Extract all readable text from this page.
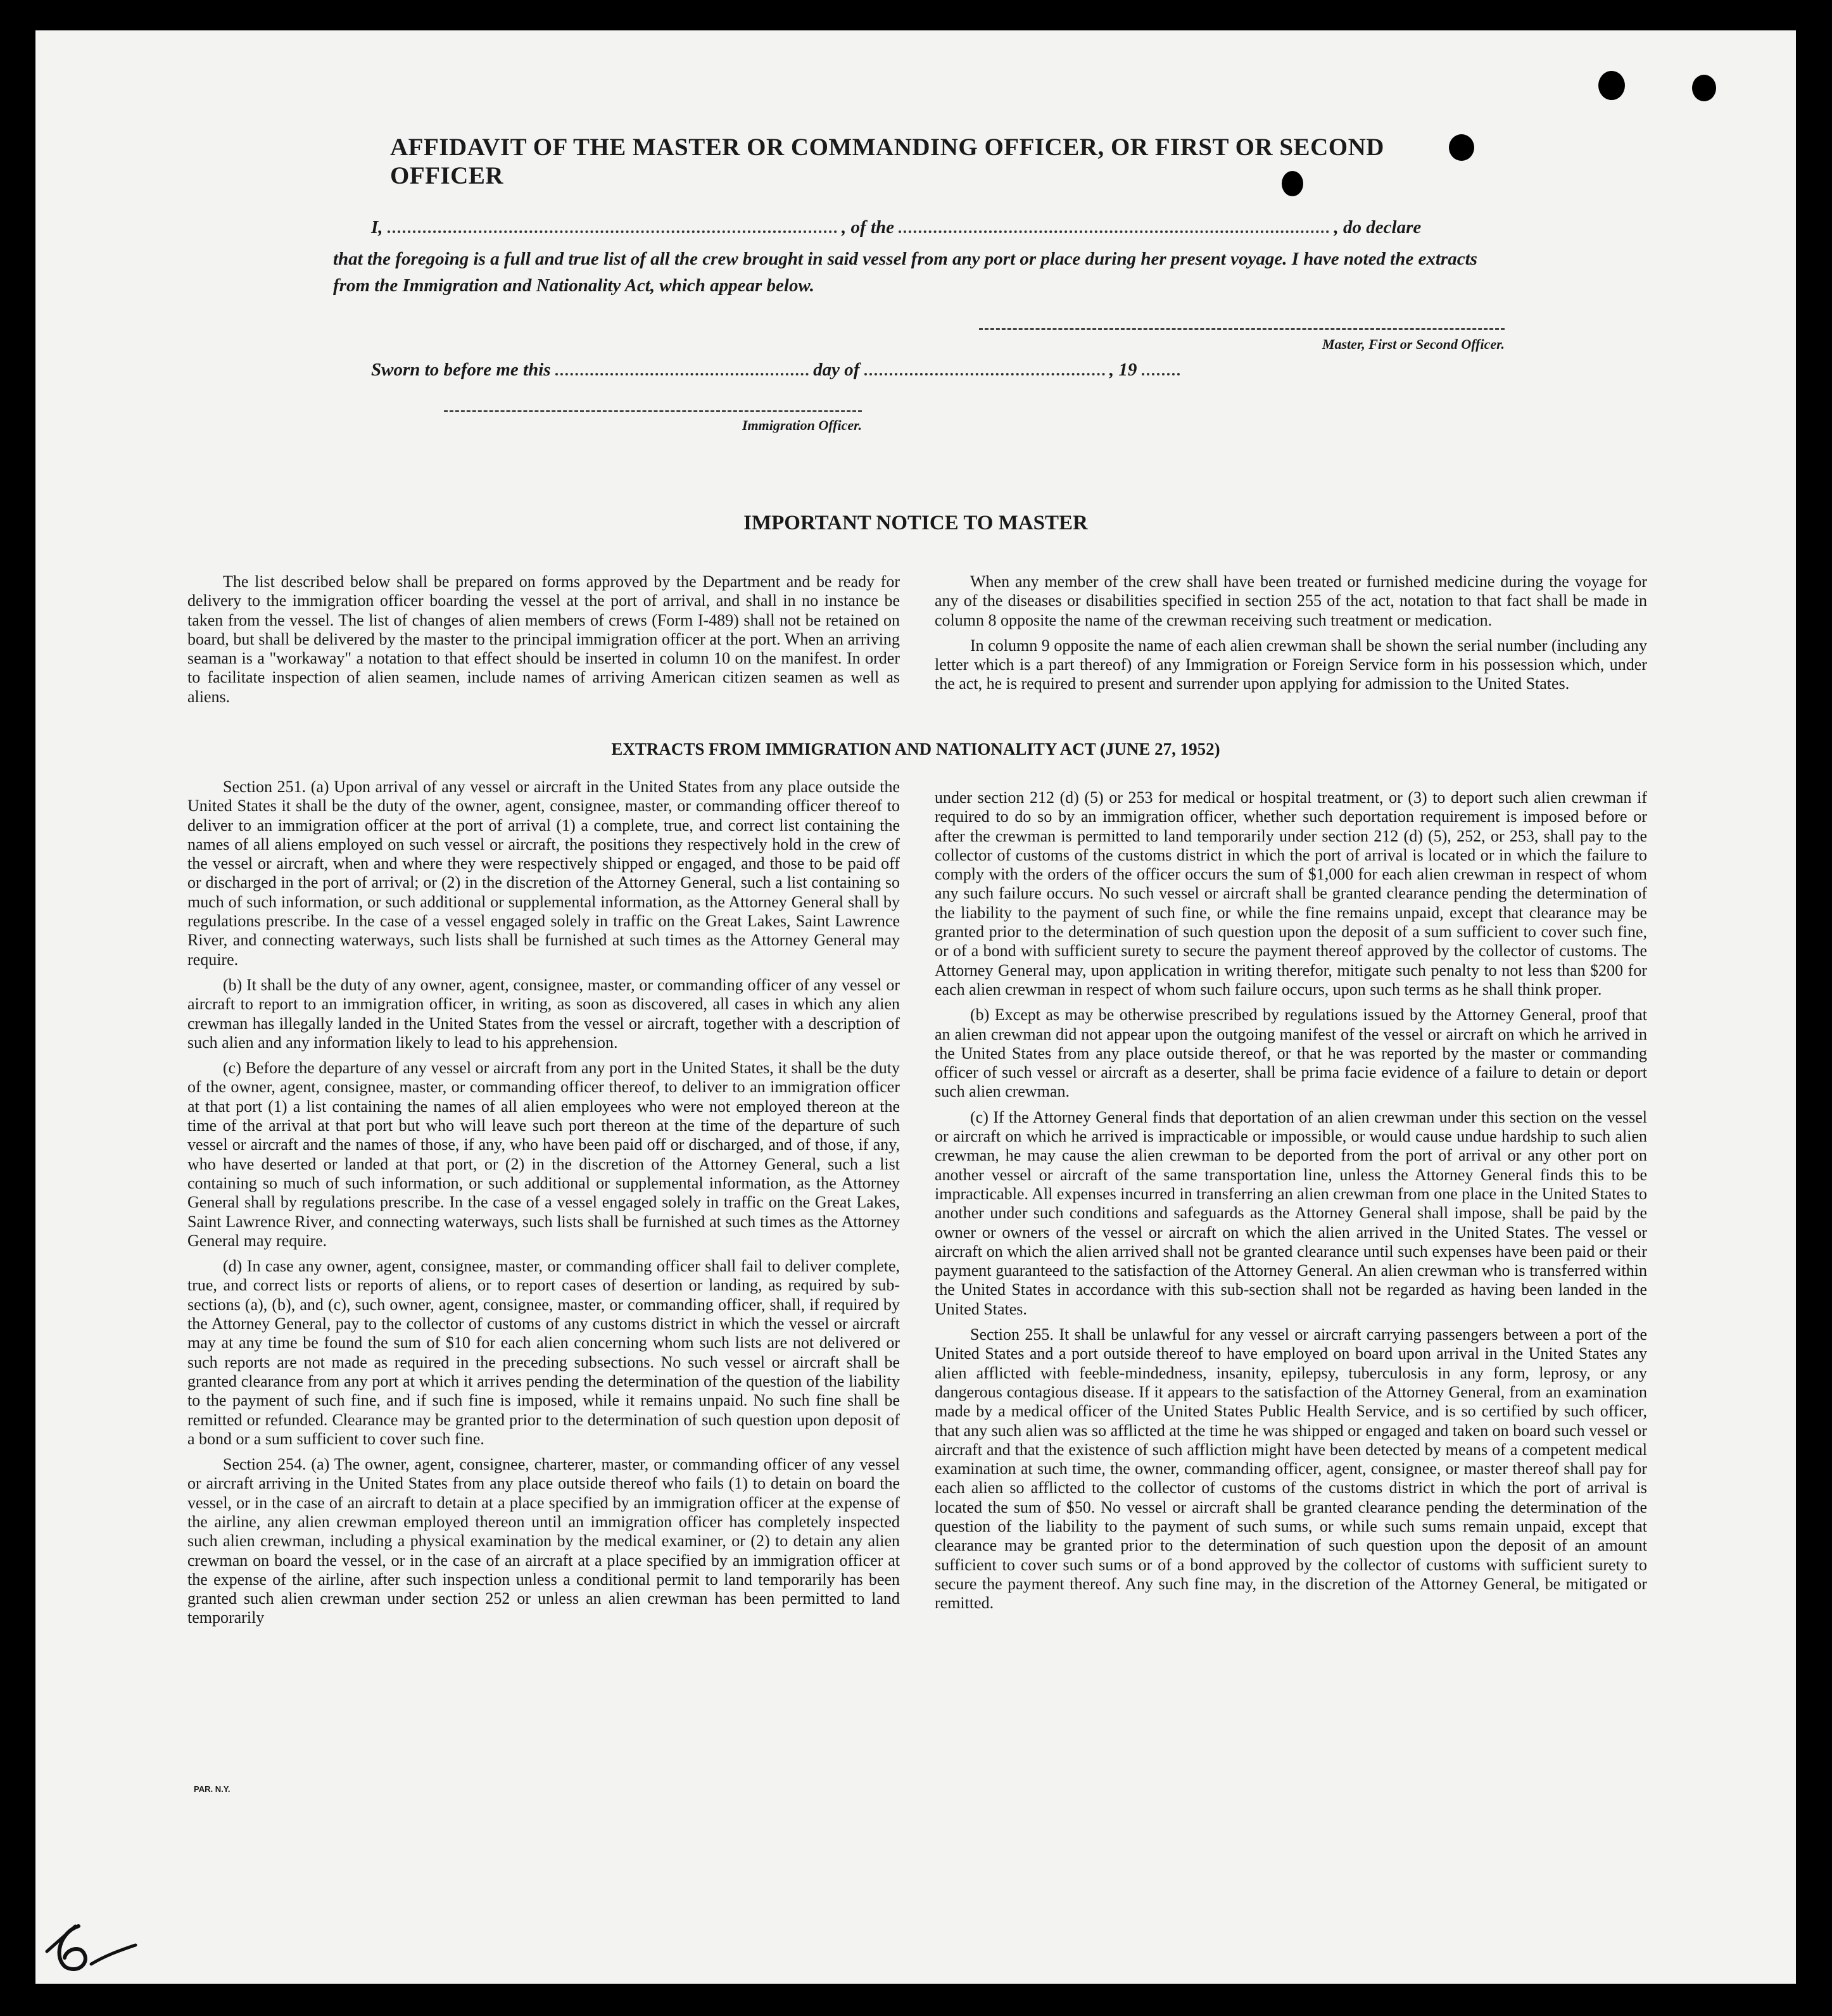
AFFIDAVIT OF THE MASTER OR COMMANDING OFFICER, OR FIRST OR SECOND OFFICER
I,	, of the	, do declare
that the foregoing is a full and true list of all the crew brought in said vessel from any port or place during her present voyage. I have noted the extracts from the Immigration and Nationality Act, which appear below.
Master, First or Second Officer.
Sworn to before me this	day of	, 19
Immigration Officer.
IMPORTANT NOTICE TO MASTER

The list described below shall be prepared on forms approved by the Department and be ready for delivery to the immigration officer boarding the vessel at the port of arrival, and shall in no instance be taken from the vessel. The list of changes of alien members of crews (Form I-489) shall not be retained on board, but shall be delivered by the master to the principal immigration officer at the port. When an arriving seaman is a "workaway" a notation to that effect should be inserted in column 10 on the manifest. In order to facilitate inspection of alien seamen, include names of arriving American citizen seamen as well as aliens.

When any member of the crew shall have been treated or furnished medicine during the voyage for any of the diseases or disabilities specified in section 255 of the act, notation to that fact shall be made in column 8 opposite the name of the crewman receiving such treatment or medication.

In column 9 opposite the name of each alien crewman shall be shown the serial number (including any letter which is a part thereof) of any Immigration or Foreign Service form in his possession which, under the act, he is required to present and surrender upon applying for admission to the United States.

EXTRACTS FROM IMMIGRATION AND NATIONALITY ACT (JUNE 27, 1952)

Section 251. (a) Upon arrival of any vessel or aircraft in the United States from any place outside the United States it shall be the duty of the owner, agent, consignee, master, or commanding officer thereof to deliver to an immigration officer at the port of arrival (1) a complete, true, and correct list containing the names of all aliens employed on such vessel or aircraft, the positions they respectively hold in the crew of the vessel or aircraft, when and where they were respectively shipped or engaged, and those to be paid off or discharged in the port of arrival; or (2) in the discretion of the Attorney General, such a list containing so much of such information, or such additional or supplemental information, as the Attorney General shall by regulations prescribe. In the case of a vessel engaged solely in traffic on the Great Lakes, Saint Lawrence River, and connecting waterways, such lists shall be furnished at such times as the Attorney General may require.

(b) It shall be the duty of any owner, agent, consignee, master, or commanding officer of any vessel or aircraft to report to an immigration officer, in writing, as soon as discovered, all cases in which any alien crewman has illegally landed in the United States from the vessel or aircraft, together with a description of such alien and any information likely to lead to his apprehension.

(c) Before the departure of any vessel or aircraft from any port in the United States, it shall be the duty of the owner, agent, consignee, master, or commanding officer thereof, to deliver to an immigration officer at that port (1) a list containing the names of all alien employees who were not employed thereon at the time of the arrival at that port but who will leave such port thereon at the time of the departure of such vessel or aircraft and the names of those, if any, who have been paid off or discharged, and of those, if any, who have deserted or landed at that port, or (2) in the discretion of the Attorney General, such a list containing so much of such information, or such additional or supplemental information, as the Attorney General shall by regulations prescribe. In the case of a vessel engaged solely in traffic on the Great Lakes, Saint Lawrence River, and connecting waterways, such lists shall be furnished at such times as the Attorney General may require.

(d) In case any owner, agent, consignee, master, or commanding officer shall fail to deliver complete, true, and correct lists or reports of aliens, or to report cases of desertion or landing, as required by sub-sections (a), (b), and (c), such owner, agent, consignee, master, or commanding officer, shall, if required by the Attorney General, pay to the collector of customs of any customs district in which the vessel or aircraft may at any time be found the sum of $10 for each alien concerning whom such lists are not delivered or such reports are not made as required in the preceding subsections. No such vessel or aircraft shall be granted clearance from any port at which it arrives pending the determination of the question of the liability to the payment of such fine, and if such fine is imposed, while it remains unpaid. No such fine shall be remitted or refunded. Clearance may be granted prior to the determination of such question upon deposit of a bond or a sum sufficient to cover such fine.

Section 254. (a) The owner, agent, consignee, charterer, master, or commanding officer of any vessel or aircraft arriving in the United States from any place outside thereof who fails (1) to detain on board the vessel, or in the case of an aircraft to detain at a place specified by an immigration officer at the expense of the airline, any alien crewman employed thereon until an immigration officer has completely inspected such alien crewman, including a physical examination by the medical examiner, or (2) to detain any alien crewman on board the vessel, or in the case of an aircraft at a place specified by an immigration officer at the expense of the airline, after such inspection unless a conditional permit to land temporarily has been granted such alien crewman under section 252 or unless an alien crewman has been permitted to land temporarily

under section 212 (d) (5) or 253 for medical or hospital treatment, or (3) to deport such alien crewman if required to do so by an immigration officer, whether such deportation requirement is imposed before or after the crewman is permitted to land temporarily under section 212 (d) (5), 252, or 253, shall pay to the collector of customs of the customs district in which the port of arrival is located or in which the failure to comply with the orders of the officer occurs the sum of $1,000 for each alien crewman in respect of whom any such failure occurs. No such vessel or aircraft shall be granted clearance pending the determination of the liability to the payment of such fine, or while the fine remains unpaid, except that clearance may be granted prior to the determination of such question upon the deposit of a sum sufficient to cover such fine, or of a bond with sufficient surety to secure the payment thereof approved by the collector of customs. The Attorney General may, upon application in writing therefor, mitigate such penalty to not less than $200 for each alien crewman in respect of whom such failure occurs, upon such terms as he shall think proper.

(b) Except as may be otherwise prescribed by regulations issued by the Attorney General, proof that an alien crewman did not appear upon the outgoing manifest of the vessel or aircraft on which he arrived in the United States from any place outside thereof, or that he was reported by the master or commanding officer of such vessel or aircraft as a deserter, shall be prima facie evidence of a failure to detain or deport such alien crewman.

(c) If the Attorney General finds that deportation of an alien crewman under this section on the vessel or aircraft on which he arrived is impracticable or impossible, or would cause undue hardship to such alien crewman, he may cause the alien crewman to be deported from the port of arrival or any other port on another vessel or aircraft of the same transportation line, unless the Attorney General finds this to be impracticable. All expenses incurred in transferring an alien crewman from one place in the United States to another under such conditions and safeguards as the Attorney General shall impose, shall be paid by the owner or owners of the vessel or aircraft on which the alien arrived in the United States. The vessel or aircraft on which the alien arrived shall not be granted clearance until such expenses have been paid or their payment guaranteed to the satisfaction of the Attorney General. An alien crewman who is transferred within the United States in accordance with this sub-section shall not be regarded as having been landed in the United States.

Section 255. It shall be unlawful for any vessel or aircraft carrying passengers between a port of the United States and a port outside thereof to have employed on board upon arrival in the United States any alien afflicted with feeble-mindedness, insanity, epilepsy, tuberculosis in any form, leprosy, or any dangerous contagious disease. If it appears to the satisfaction of the Attorney General, from an examination made by a medical officer of the United States Public Health Service, and is so certified by such officer, that any such alien was so afflicted at the time he was shipped or engaged and taken on board such vessel or aircraft and that the existence of such affliction might have been detected by means of a competent medical examination at such time, the owner, commanding officer, agent, consignee, or master thereof shall pay for each alien so afflicted to the collector of customs of the customs district in which the port of arrival is located the sum of $50. No vessel or aircraft shall be granted clearance pending the determination of the question of the liability to the payment of such sums, or while such sums remain unpaid, except that clearance may be granted prior to the determination of such question upon the deposit of an amount sufficient to cover such sums or of a bond approved by the collector of customs with sufficient surety to secure the payment thereof. Any such fine may, in the discretion of the Attorney General, be mitigated or remitted.

PAR. N.Y.
